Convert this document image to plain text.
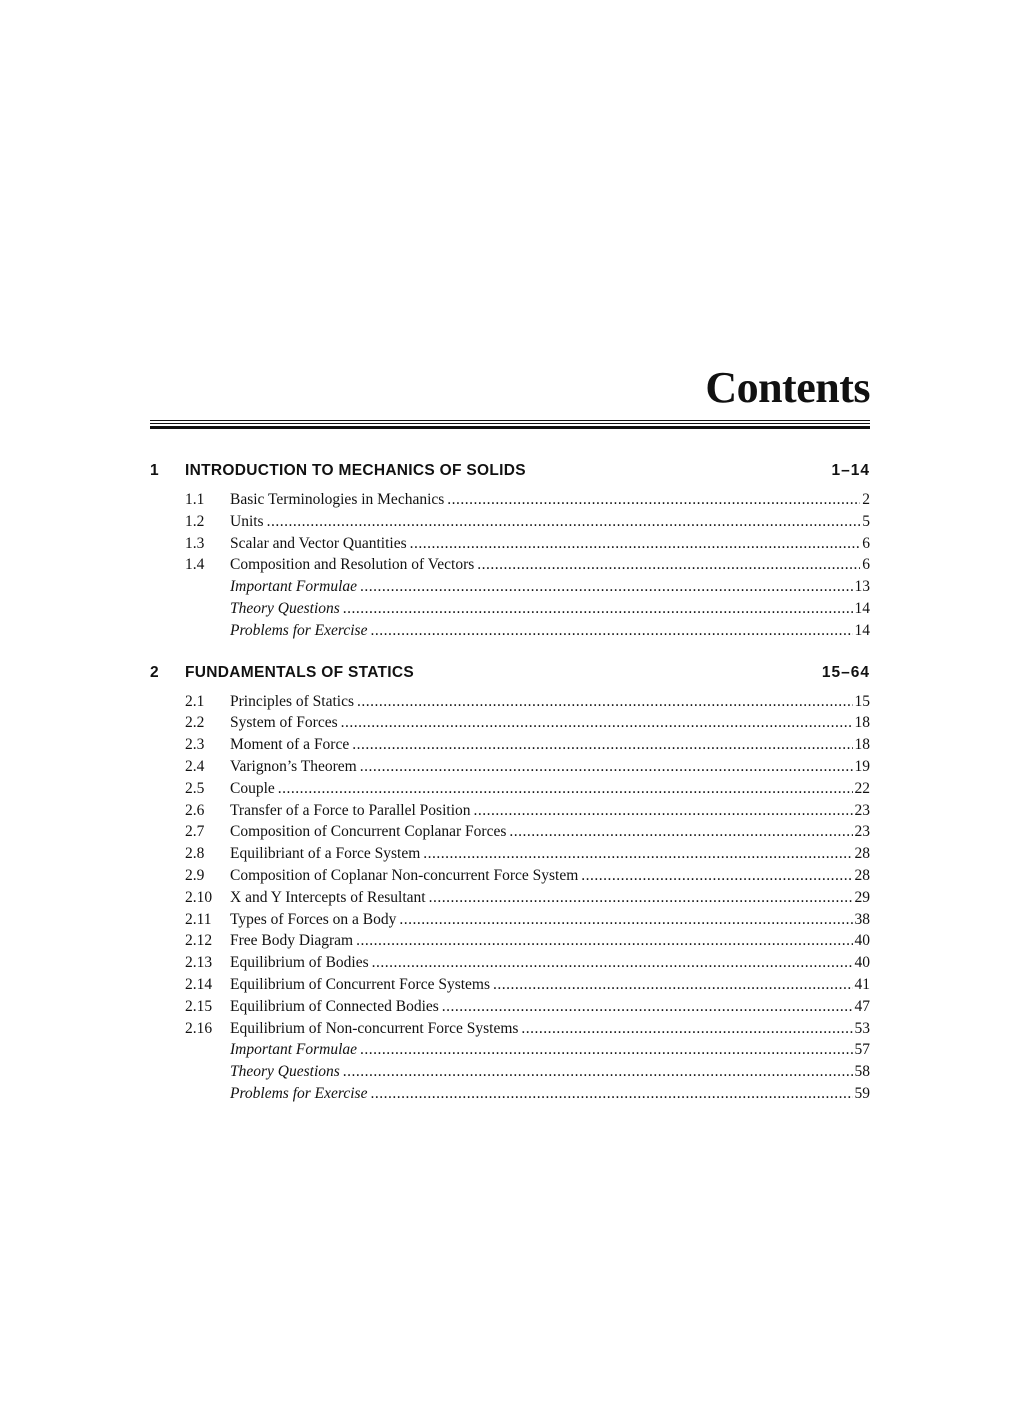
Contents
1	INTRODUCTION TO MECHANICS OF SOLIDS	1–14
1.1	Basic Terminologies in Mechanics .....	2
1.2	Units .....	5
1.3	Scalar and Vector Quantities .....	6
1.4	Composition and Resolution of Vectors .....	6
Important Formulae .....	13
Theory Questions .....	14
Problems for Exercise .....	14
2	FUNDAMENTALS OF STATICS	15–64
2.1	Principles of Statics .....	15
2.2	System of Forces .....	18
2.3	Moment of a Force .....	18
2.4	Varignon’s Theorem .....	19
2.5	Couple .....	22
2.6	Transfer of a Force to Parallel Position .....	23
2.7	Composition of Concurrent Coplanar Forces .....	23
2.8	Equilibriant of a Force System .....	28
2.9	Composition of Coplanar Non-concurrent Force System .....	28
2.10	X and Y Intercepts of Resultant .....	29
2.11	Types of Forces on a Body .....	38
2.12	Free Body Diagram .....	40
2.13	Equilibrium of Bodies .....	40
2.14	Equilibrium of Concurrent Force Systems .....	41
2.15	Equilibrium of Connected Bodies .....	47
2.16	Equilibrium of Non-concurrent Force Systems .....	53
Important Formulae .....	57
Theory Questions .....	58
Problems for Exercise .....	59
